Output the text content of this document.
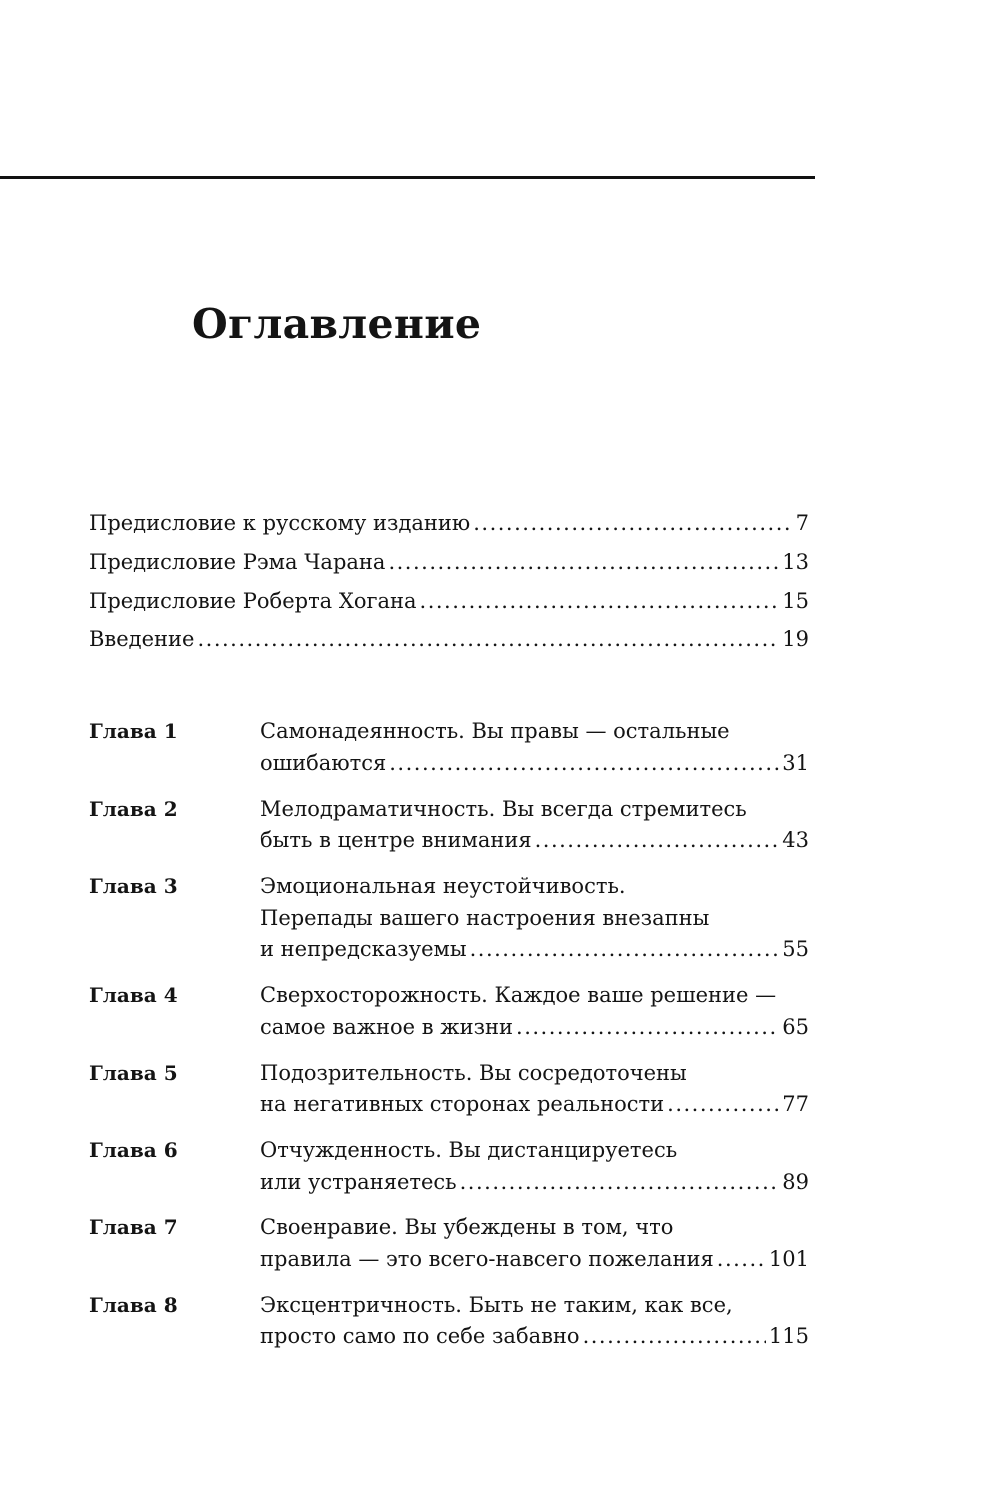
Оглавление
Предисловие к русскому изданию .....	7
Предисловие Рэма Чарана .....	13
Предисловие Роберта Хогана .....	15
Введение .....	19
Глава 1	Самонадеянность. Вы правы — остальные
ошибаются .....	31
Глава 2	Мелодраматичность. Вы всегда стремитесь
быть в центре внимания .....	43
Глава 3	Эмоциональная неустойчивость.
Перепады вашего настроения внезапны
и непредсказуемы .....	55
Глава 4	Сверхосторожность. Каждое ваше решение —
самое важное в жизни .....	65
Глава 5	Подозрительность. Вы сосредоточены
на негативных сторонах реальности .....	77
Глава 6	Отчужденность. Вы дистанцируетесь
или устраняетесь .....	89
Глава 7	Своенравие. Вы убеждены в том, что
правила — это всего-навсего пожелания .....	101
Глава 8	Эксцентричность. Быть не таким, как все,
просто само по себе забавно .....	115
